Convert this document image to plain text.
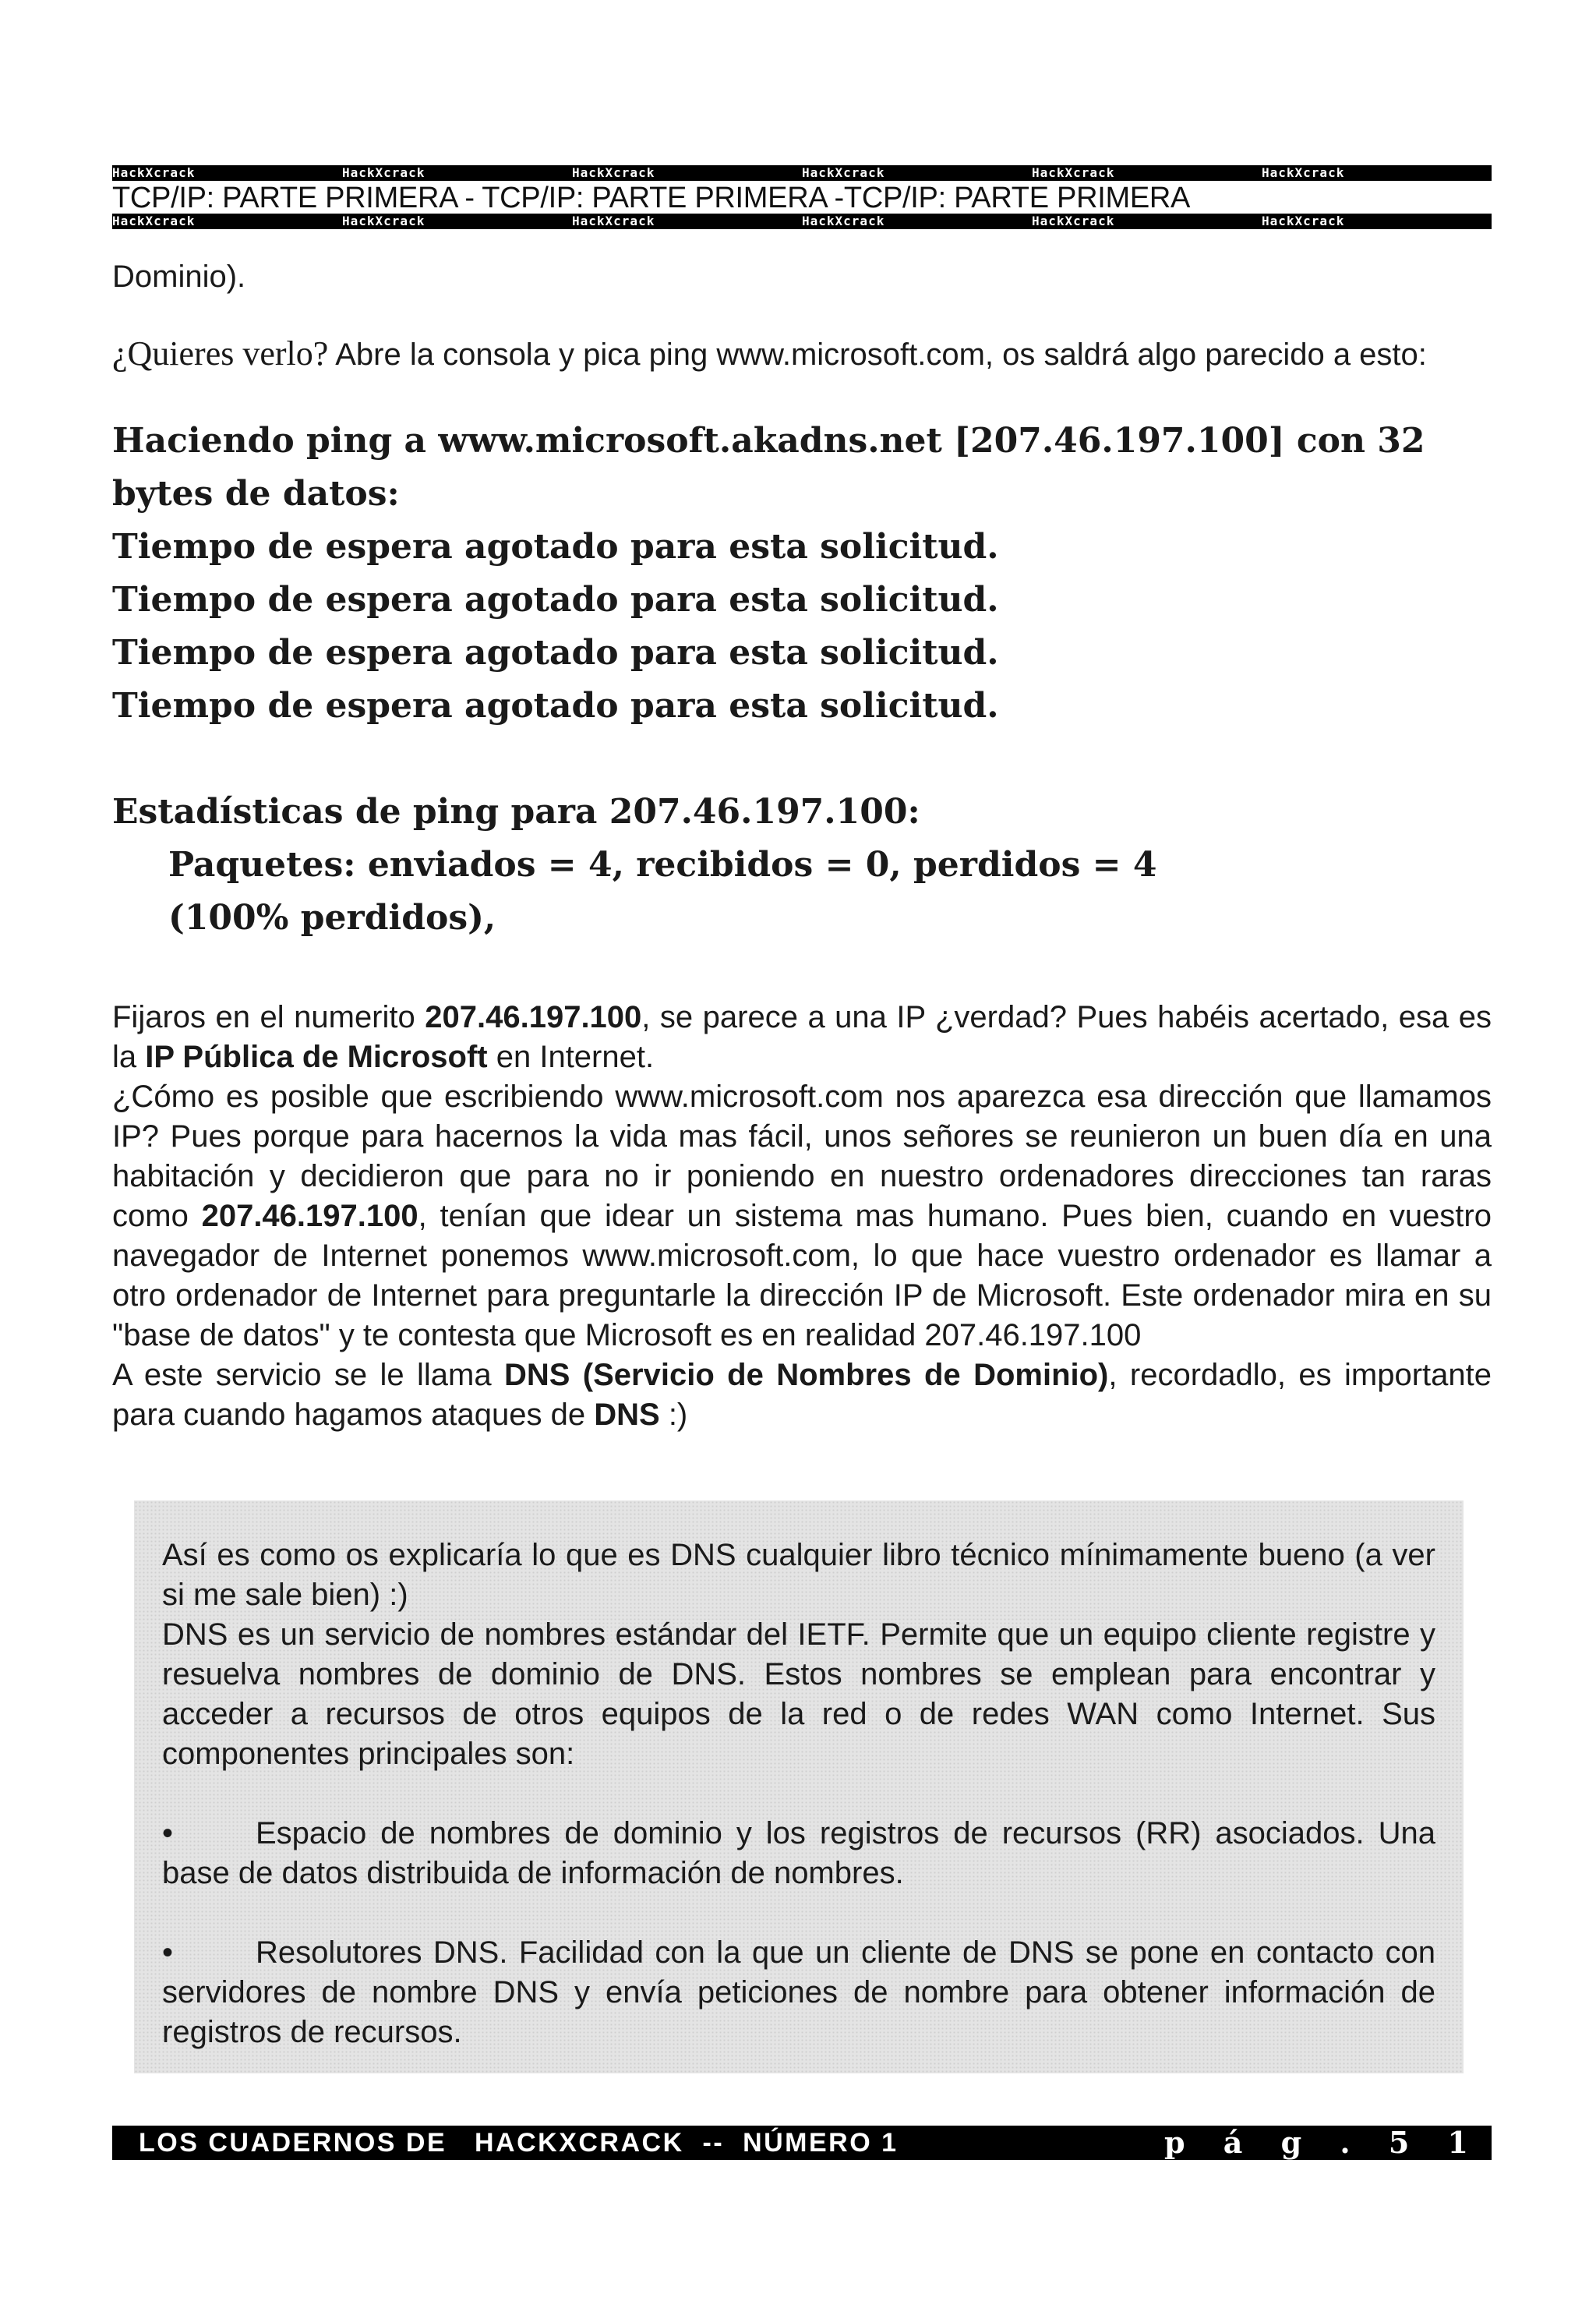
HackXcrack	HackXcrack	HackXcrack	HackXcrack	HackXcrack	HackXcrack
TCP/IP: PARTE PRIMERA - TCP/IP: PARTE PRIMERA -TCP/IP: PARTE PRIMERA
HackXcrack	HackXcrack	HackXcrack	HackXcrack	HackXcrack	HackXcrack
Dominio).
¿Quieres verlo? Abre la consola y pica ping www.microsoft.com, os saldrá algo parecido a esto:
Haciendo ping a www.microsoft.akadns.net [207.46.197.100] con 32 bytes de datos:
Tiempo de espera agotado para esta solicitud.
Tiempo de espera agotado para esta solicitud.
Tiempo de espera agotado para esta solicitud.
Tiempo de espera agotado para esta solicitud.
Estadísticas de ping para 207.46.197.100:
Paquetes: enviados = 4, recibidos = 0, perdidos = 4
(100% perdidos),

Fijaros en el numerito 207.46.197.100, se parece a una IP ¿verdad? Pues habéis acertado, esa es la IP Pública de Microsoft en Internet.

¿Cómo es posible que escribiendo www.microsoft.com nos aparezca esa dirección que llamamos IP? Pues porque para hacernos la vida mas fácil, unos señores se reunieron un buen día en una habitación y decidieron que para no ir poniendo en nuestro ordenadores direcciones tan raras como 207.46.197.100, tenían que idear un sistema mas humano. Pues bien, cuando en vuestro navegador de Internet ponemos www.microsoft.com, lo que hace vuestro ordenador es llamar a otro ordenador de Internet para preguntarle la dirección IP de Microsoft. Este ordenador mira en su "base de datos" y te contesta que Microsoft es en realidad 207.46.197.100

A este servicio se le llama DNS (Servicio de Nombres de Dominio), recordadlo, es importante para cuando hagamos ataques de DNS :)

Así es como os explicaría lo que es DNS cualquier libro técnico mínimamente bueno (a ver si me sale bien) :)

DNS es un servicio de nombres estándar del IETF. Permite que un equipo cliente registre y resuelva nombres de dominio de DNS. Estos nombres se emplean para encontrar y acceder a recursos de otros equipos de la red o de redes WAN como Internet. Sus componentes principales son:

•	Espacio de nombres de dominio y los registros de recursos (RR) asociados. Una base de datos distribuida de información de nombres.

•	Resolutores DNS. Facilidad con la que un cliente de DNS se pone en contacto con servidores de nombre DNS y envía peticiones de nombre para obtener información de registros de recursos.

LOS CUADERNOS DE   HACKXCRACK  --  NÚMERO 1	p á g . 5 1
